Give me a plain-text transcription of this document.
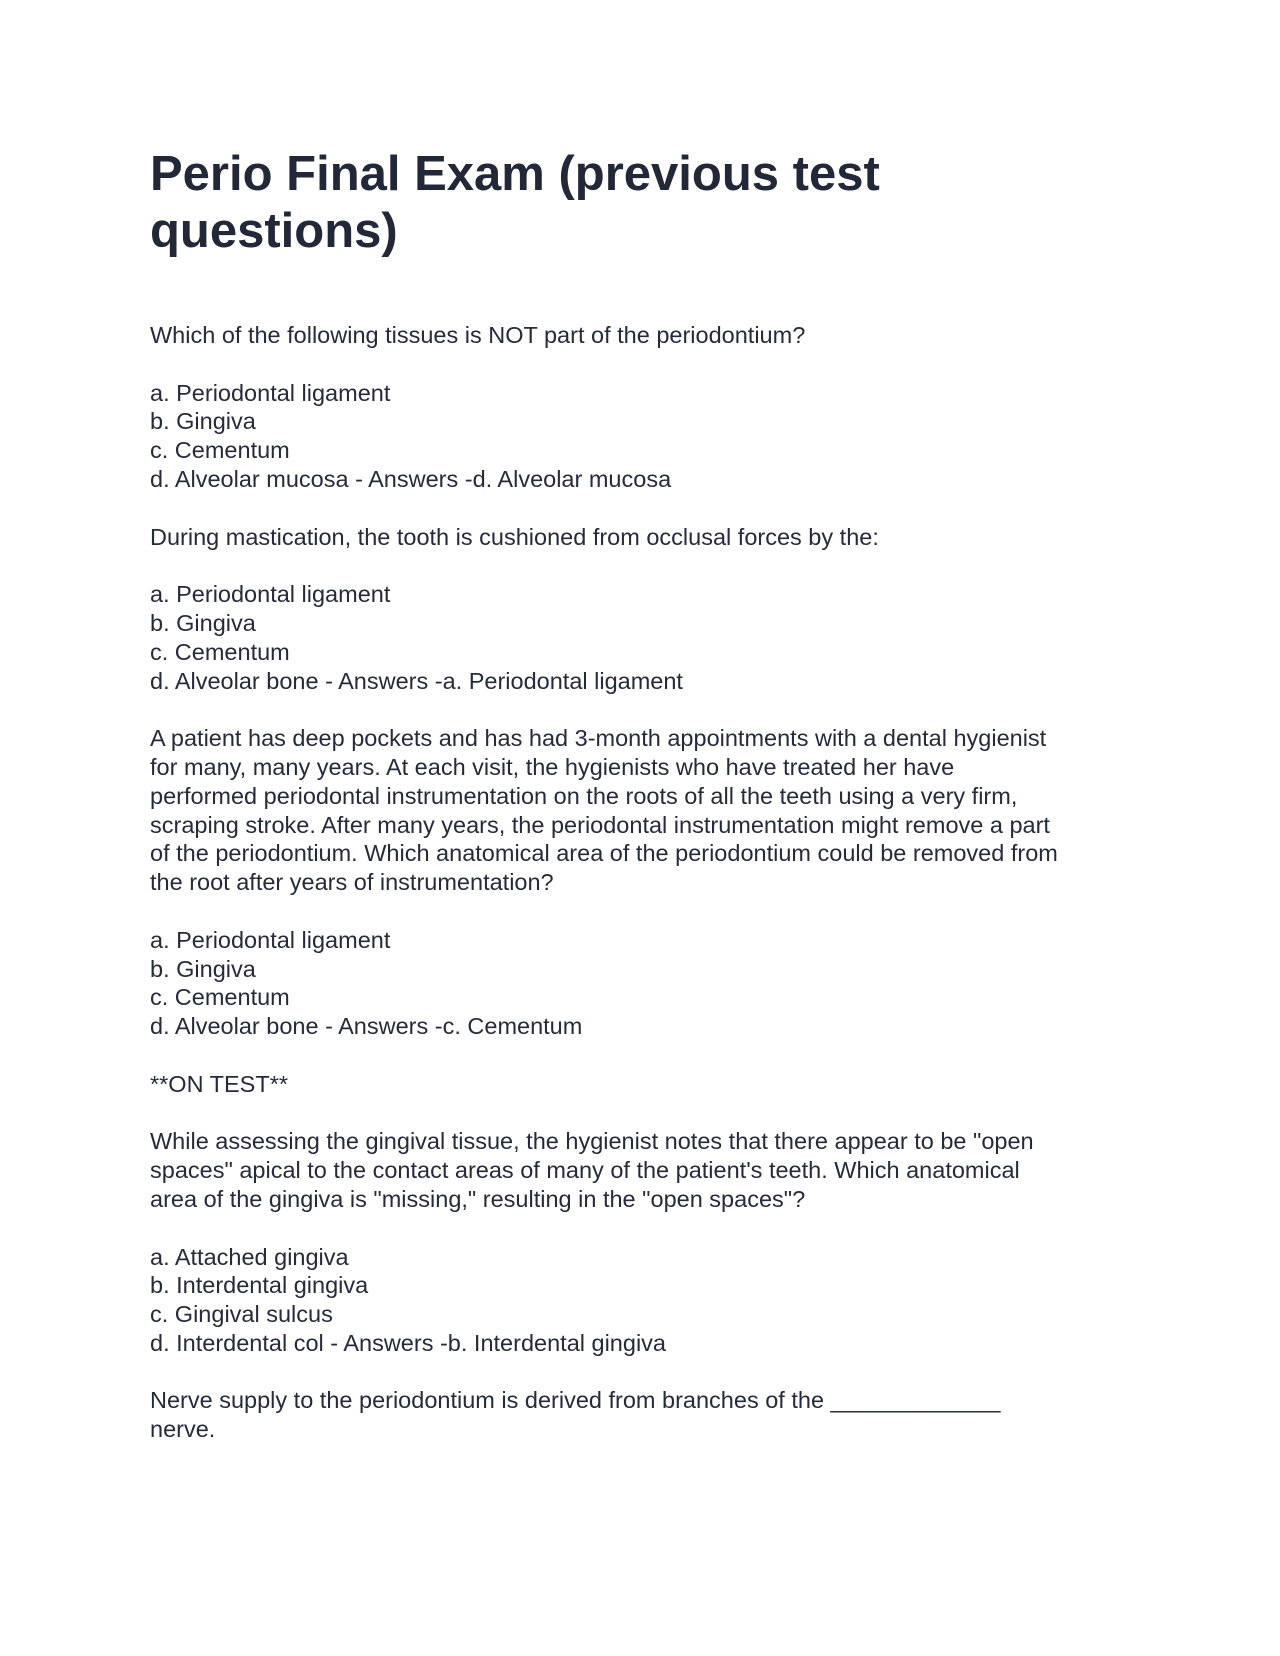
Perio Final Exam (previous test questions)
Which of the following tissues is NOT part of the periodontium?
a. Periodontal ligament
b. Gingiva
c. Cementum
d. Alveolar mucosa - Answers -d. Alveolar mucosa
During mastication, the tooth is cushioned from occlusal forces by the:
a. Periodontal ligament
b. Gingiva
c. Cementum
d. Alveolar bone - Answers -a. Periodontal ligament
A patient has deep pockets and has had 3-month appointments with a dental hygienist
for many, many years. At each visit, the hygienists who have treated her have
performed periodontal instrumentation on the roots of all the teeth using a very firm,
scraping stroke. After many years, the periodontal instrumentation might remove a part
of the periodontium. Which anatomical area of the periodontium could be removed from
the root after years of instrumentation?
a. Periodontal ligament
b. Gingiva
c. Cementum
d. Alveolar bone - Answers -c. Cementum
**ON TEST**
While assessing the gingival tissue, the hygienist notes that there appear to be "open
spaces" apical to the contact areas of many of the patient's teeth. Which anatomical
area of the gingiva is "missing," resulting in the "open spaces"?
a. Attached gingiva
b. Interdental gingiva
c. Gingival sulcus
d. Interdental col - Answers -b. Interdental gingiva
Nerve supply to the periodontium is derived from branches of the _____________
nerve.
